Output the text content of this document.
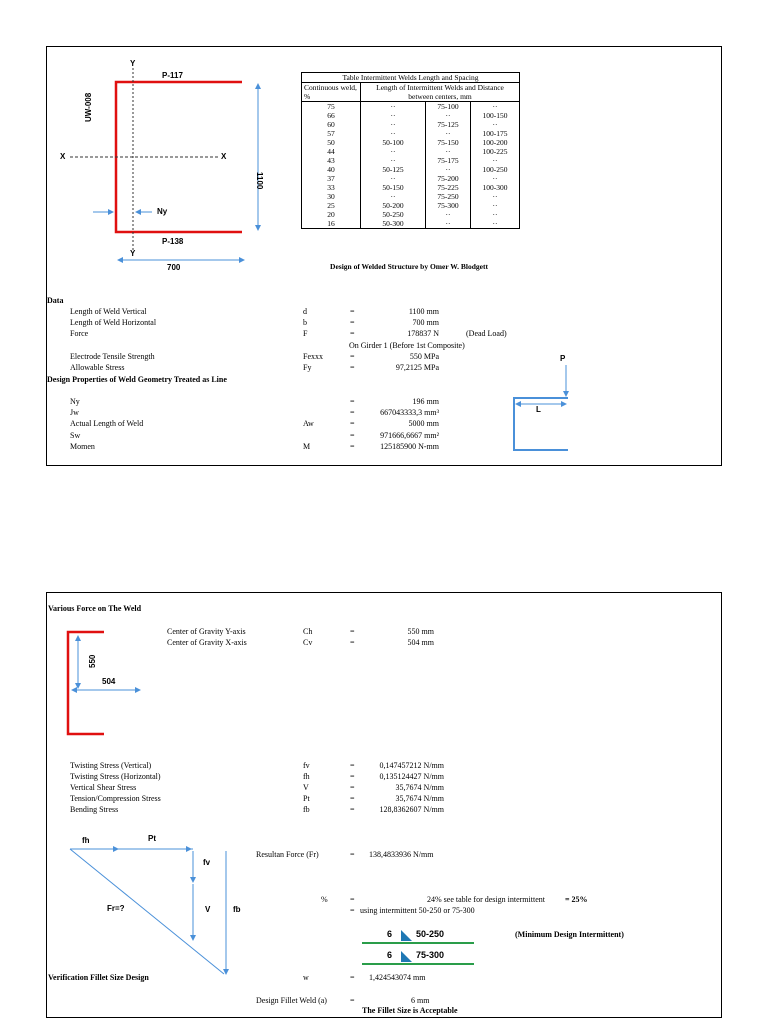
Y
Y
X	X
P-117
P-138
UW-008
Ny
1100
700
Table Intermittent Welds Length and Spacing			
Continuous weld, %	Length of Intermittent Welds and Distance between centers, mm		
75	··	75-100	··
66	··	··	100-150
60	··	75-125	··
57	··	··	100-175
50	50-100	75-150	100-200
44	··	··	100-225
43	··	75-175	··
40	50-125	··	100-250
37	··	75-200	··
33	50-150	75-225	100-300
30	··	75-250	··
25	50-200	75-300	··
20	50-250	··	··
16	50-300	··	··
Design of Welded Structure by Omer W. Blodgett
Data
Length of Weld Vertical	d	=	1100 mm
Length of Weld Horizontal	b	=	700 mm
Force	F	=	178837 N	(Dead Load)
On Girder 1 (Before 1st Composite)
Electrode Tensile Strength	Fexxx	=	550 MPa
Allowable Stress	Fy	=	97,2125 MPa
Design Properties of Weld Geometry Treated as Line
Ny	=	196 mm
Jw	=	667043333,3 mm³
Actual Length of Weld	Aw	=	5000 mm
Sw	=	971666,6667 mm²
Momen	M	=	125185900 N-mm
P
L
Various Force on The Weld
550
504
Center of Gravity Y-axis	Ch	=	550 mm
Center of Gravity X-axis	Cv	=	504 mm
Twisting Stress (Vertical)	fv	=	0,147457212 N/mm
Twisting Stress (Horizontal)	fh	=	0,135124427 N/mm
Vertical Shear Stress	V	=	35,7674 N/mm
Tension/Compression Stress	Pt	=	35,7674 N/mm
Bending Stress	fb	=	128,8362607 N/mm
fh	Pt
fv
Fr=?	V	fb
Resultan Force (Fr)	= 138,4833936 N/mm
%	=	24% see table for design intermittent	= 25%
= using intermittent 50-250 or 75-300
6	50-250	(Minimum Design Intermittent)
6	75-300
Verification Fillet Size Design	w	= 1,424543074 mm
Design Fillet Weld (a)	=	6 mm
The Fillet Size is Acceptable
